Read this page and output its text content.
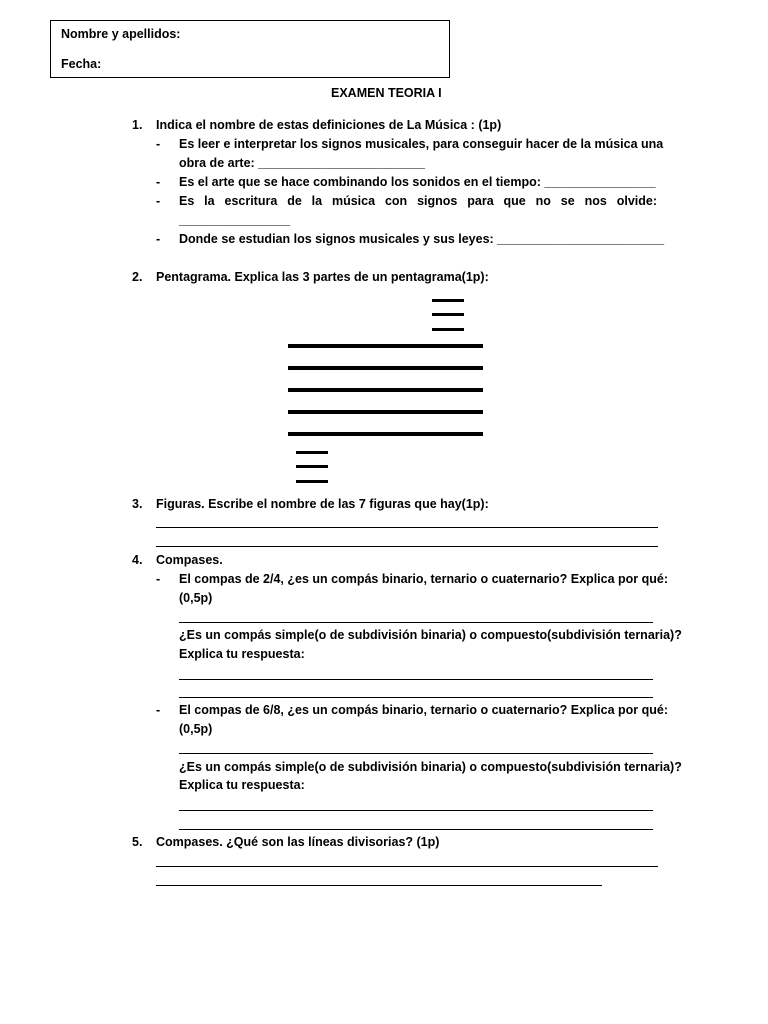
Nombre y apellidos:
Fecha:
EXAMEN TEORIA I
1. Indica el nombre de estas definiciones de La Música : (1p)
- Es leer e interpretar los signos musicales, para conseguir hacer de la música una
obra de arte: ________________________
- Es el arte que se hace combinando los sonidos en el tiempo: ________________
- Es la escritura de la música con signos para que no se nos olvide:
________________
- Donde se estudian los signos musicales y sus leyes: ________________________
2. Pentagrama. Explica las 3 partes de un pentagrama(1p):
3. Figuras. Escribe el nombre de las 7 figuras que hay(1p):
4. Compases.
- El compas de 2/4, ¿es un compás binario, ternario o cuaternario? Explica por qué:
(0,5p)
¿Es un compás simple(o de subdivisión binaria) o compuesto(subdivisión ternaria)?
Explica tu respuesta:
- El compas de 6/8, ¿es un compás binario, ternario o cuaternario? Explica por qué:
(0,5p)
¿Es un compás simple(o de subdivisión binaria) o compuesto(subdivisión ternaria)?
Explica tu respuesta:
5. Compases. ¿Qué son las líneas divisorias? (1p)
